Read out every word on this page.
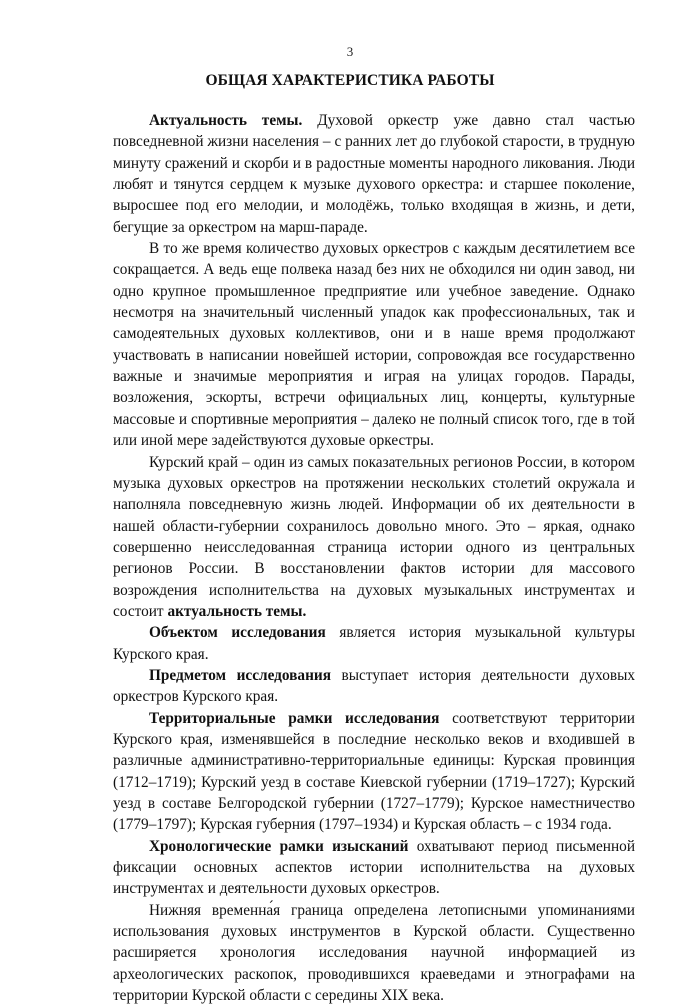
3
ОБЩАЯ ХАРАКТЕРИСТИКА РАБОТЫ

Актуальность темы. Духовой оркестр уже давно стал частью повседневной жизни населения – с ранних лет до глубокой старости, в трудную минуту сражений и скорби и в радостные моменты народного ликования. Люди любят и тянутся сердцем к музыке духового оркестра: и старшее поколение, выросшее под его мелодии, и молодёжь, только входящая в жизнь, и дети, бегущие за оркестром на марш-параде.

В то же время количество духовых оркестров с каждым десятилетием все сокращается. А ведь еще полвека назад без них не обходился ни один завод, ни одно крупное промышленное предприятие или учебное заведение. Однако несмотря на значительный численный упадок как профессиональных, так и самодеятельных духовых коллективов, они и в наше время продолжают участвовать в написании новейшей истории, сопровождая все государственно важные и значимые мероприятия и играя на улицах городов. Парады, возложения, эскорты, встречи официальных лиц, концерты, культурные массовые и спортивные мероприятия – далеко не полный список того, где в той или иной мере задействуются духовые оркестры.

Курский край – один из самых показательных регионов России, в котором музыка духовых оркестров на протяжении нескольких столетий окружала и наполняла повседневную жизнь людей. Информации об их деятельности в нашей области-губернии сохранилось довольно много. Это – яркая, однако совершенно неисследованная страница истории одного из центральных регионов России. В восстановлении фактов истории для массового возрождения исполнительства на духовых музыкальных инструментах и состоит актуальность темы.

Объектом исследования является история музыкальной культуры Курского края.

Предметом исследования выступает история деятельности духовых оркестров Курского края.

Территориальные рамки исследования соответствуют территории Курского края, изменявшейся в последние несколько веков и входившей в различные административно-территориальные единицы: Курская провинция (1712–1719); Курский уезд в составе Киевской губернии (1719–1727); Курский уезд в составе Белгородской губернии (1727–1779); Курское наместничество (1779–1797); Курская губерния (1797–1934) и Курская область – с 1934 года.

Хронологические рамки изысканий охватывают период письменной фиксации основных аспектов истории исполнительства на духовых инструментах и деятельности духовых оркестров.

Нижняя временна́я граница определена летописными упоминаниями использования духовых инструментов в Курской области. Существенно расширяется хронология исследования научной информацией из археологических раскопок, проводившихся краеведами и этнографами на территории Курской области с середины XIX века.
